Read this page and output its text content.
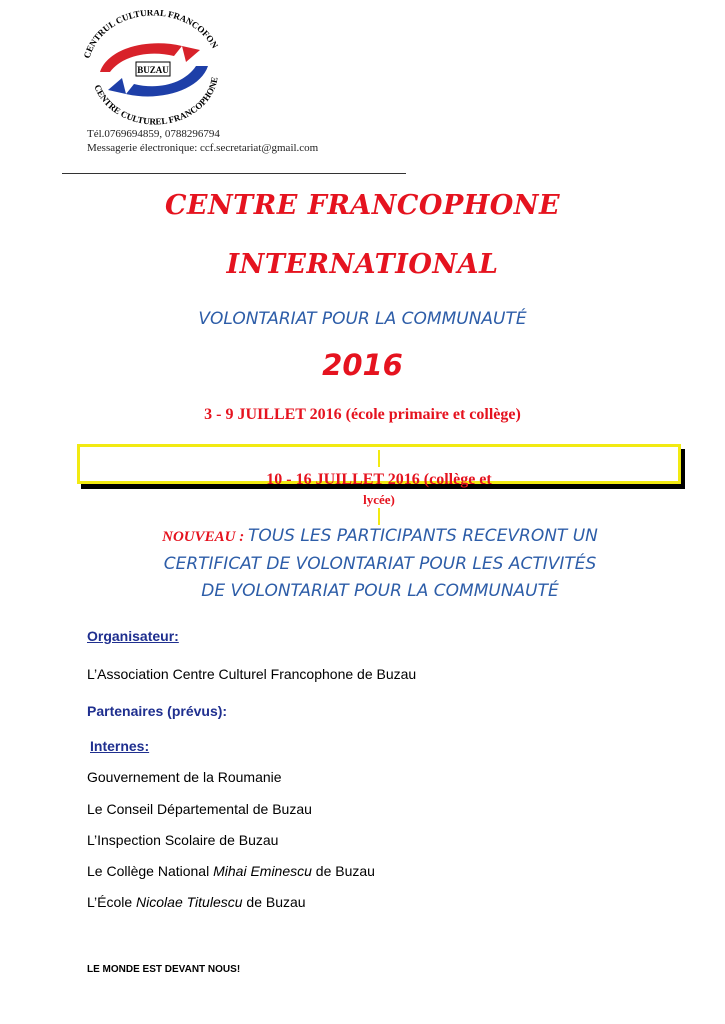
BUZAU
CENTRUL CULTURAL FRANCOFON
CENTRE CULTUREL FRANCOPHONE
Tél.0769694859, 0788296794
Messagerie électronique: ccf.secretariat@gmail.com
CENTRE FRANCOPHONE
INTERNATIONAL
VOLONTARIAT POUR LA COMMUNAUTÉ
2016
3 - 9 JUILLET 2016 (école primaire et collège)
10 - 16 JUILLET 2016 (collège et
lycée)
NOUVEAU : TOUS LES PARTICIPANTS RECEVRONT UN
CERTIFICAT DE VOLONTARIAT POUR LES ACTIVITÉS
DE VOLONTARIAT POUR LA COMMUNAUTÉ
Organisateur:
L’Association Centre Culturel Francophone de Buzau
Partenaires (prévus):
Internes:
Gouvernement de la Roumanie
Le Conseil Départemental de Buzau
L’Inspection Scolaire de Buzau
Le Collège National Mihai Eminescu de Buzau
L’École Nicolae Titulescu de Buzau
LE MONDE EST DEVANT NOUS!
